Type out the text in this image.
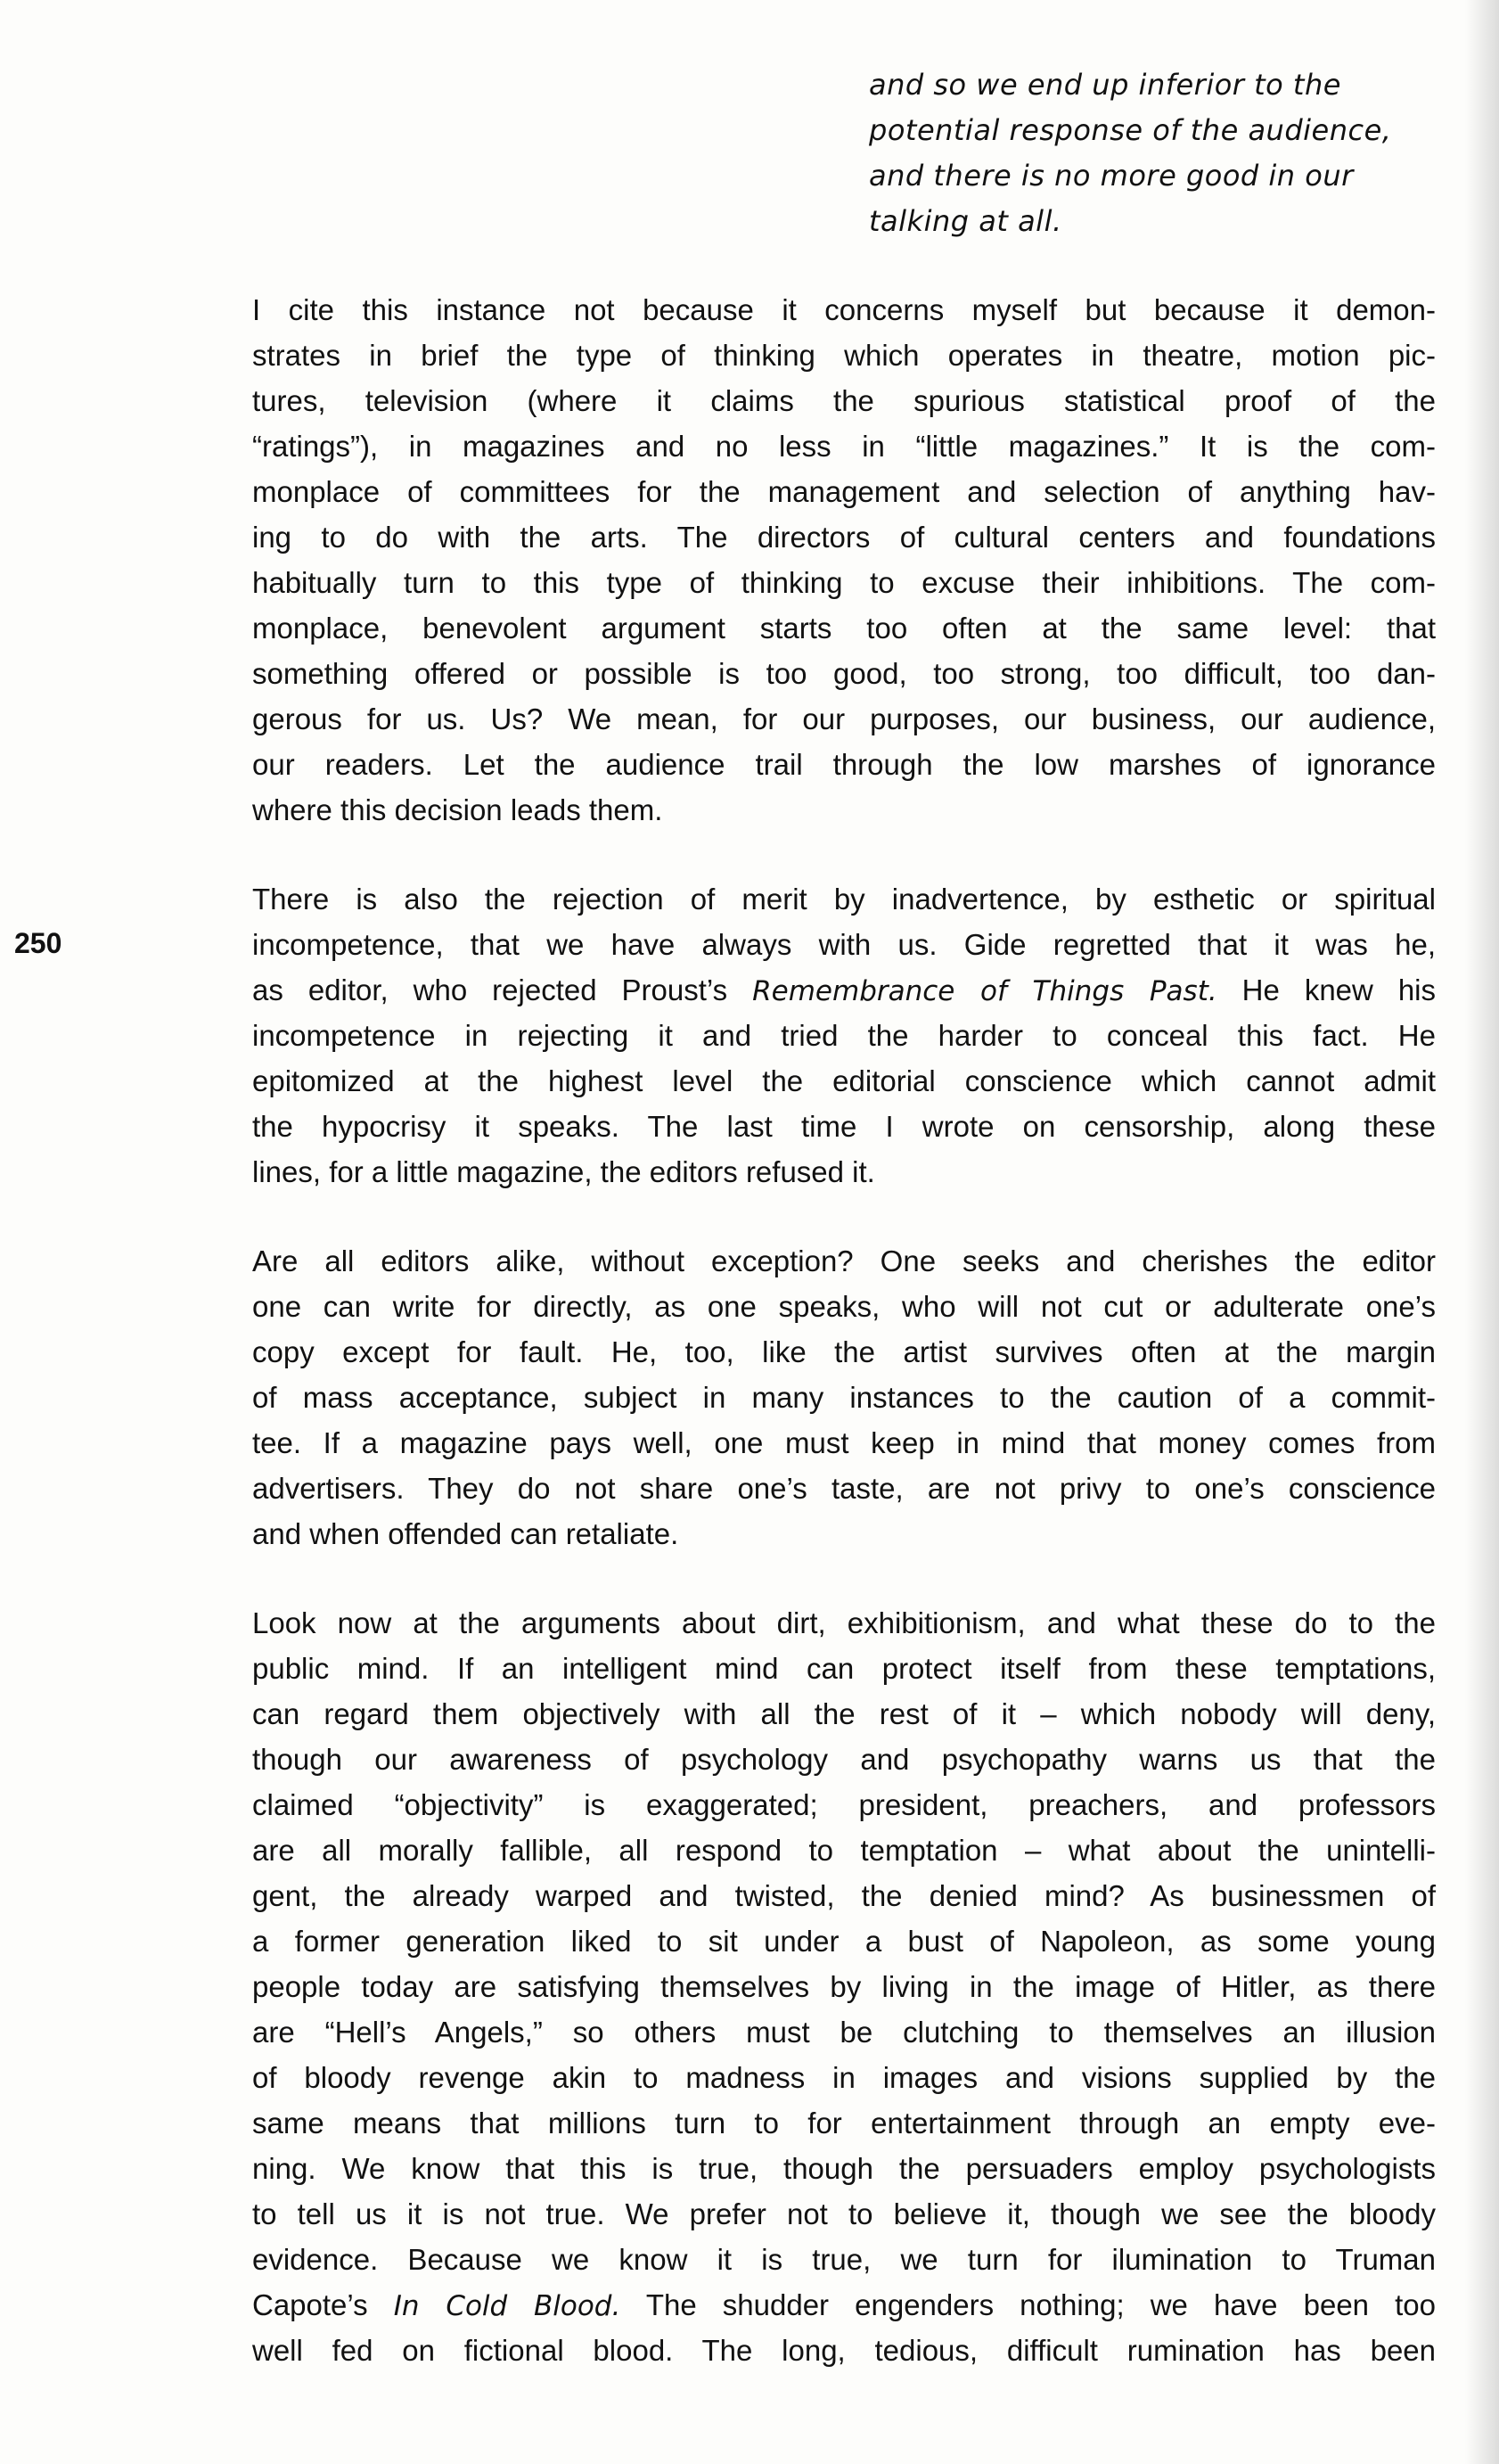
and so we end up inferior to the
potential response of the audience,
and there is no more good in our
talking at all.
250
I cite this instance not because it concerns myself but because it demon-
strates in brief the type of thinking which operates in theatre, motion pic-
tures, television (where it claims the spurious statistical proof of the
“ratings”), in magazines and no less in “little magazines.” It is the com-
monplace of committees for the management and selection of anything hav-
ing to do with the arts. The directors of cultural centers and foundations
habitually turn to this type of thinking to excuse their inhibitions. The com-
monplace, benevolent argument starts too often at the same level: that
something offered or possible is too good, too strong, too difficult, too dan-
gerous for us. Us? We mean, for our purposes, our business, our audience,
our readers. Let the audience trail through the low marshes of ignorance
where this decision leads them.
There is also the rejection of merit by inadvertence, by esthetic or spiritual
incompetence, that we have always with us. Gide regretted that it was he,
as editor, who rejected Proust’s Remembrance of Things Past. He knew his
incompetence in rejecting it and tried the harder to conceal this fact. He
epitomized at the highest level the editorial conscience which cannot admit
the hypocrisy it speaks. The last time I wrote on censorship, along these
lines, for a little magazine, the editors refused it.
Are all editors alike, without exception? One seeks and cherishes the editor
one can write for directly, as one speaks, who will not cut or adulterate one’s
copy except for fault. He, too, like the artist survives often at the margin
of mass acceptance, subject in many instances to the caution of a commit-
tee. If a magazine pays well, one must keep in mind that money comes from
advertisers. They do not share one’s taste, are not privy to one’s conscience
and when offended can retaliate.
Look now at the arguments about dirt, exhibitionism, and what these do to the
public mind. If an intelligent mind can protect itself from these temptations,
can regard them objectively with all the rest of it – which nobody will deny,
though our awareness of psychology and psychopathy warns us that the
claimed “objectivity” is exaggerated; president, preachers, and professors
are all morally fallible, all respond to temptation – what about the unintelli-
gent, the already warped and twisted, the denied mind? As businessmen of
a former generation liked to sit under a bust of Napoleon, as some young
people today are satisfying themselves by living in the image of Hitler, as there
are “Hell’s Angels,” so others must be clutching to themselves an illusion
of bloody revenge akin to madness in images and visions supplied by the
same means that millions turn to for entertainment through an empty eve-
ning. We know that this is true, though the persuaders employ psychologists
to tell us it is not true. We prefer not to believe it, though we see the bloody
evidence. Because we know it is true, we turn for ilumination to Truman
Capote’s In Cold Blood. The shudder engenders nothing; we have been too
well fed on fictional blood. The long, tedious, difficult rumination has been
